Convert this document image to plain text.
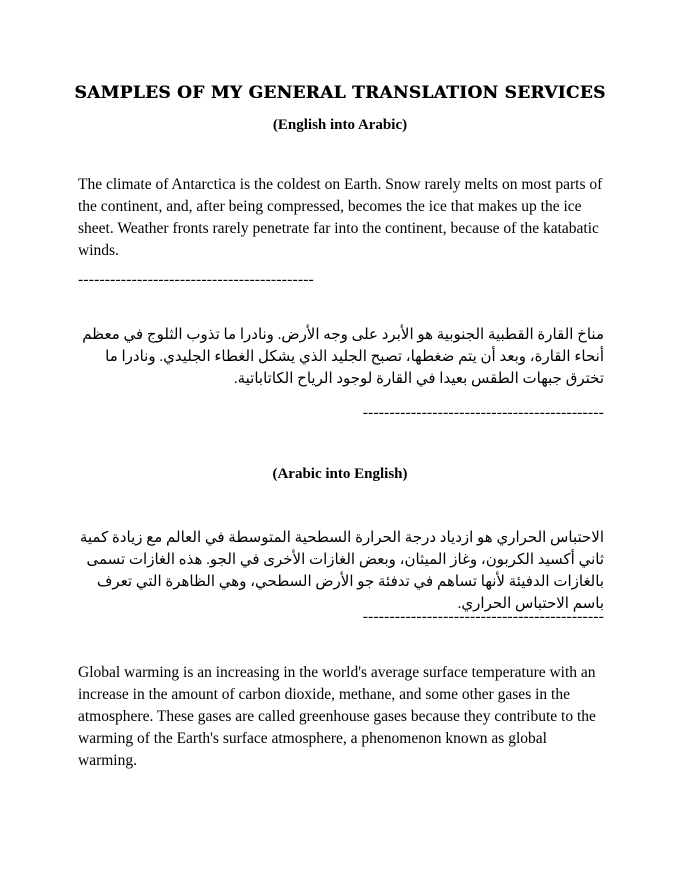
SAMPLES OF MY GENERAL TRANSLATION SERVICES
(English into Arabic)
The climate of Antarctica is the coldest on Earth. Snow rarely melts on most parts of the continent, and, after being compressed, becomes the ice that makes up the ice sheet. Weather fronts rarely penetrate far into the continent, because of the katabatic winds.
--------------------------------------------
مناخ القارة القطبية الجنوبية هو الأبرد على وجه الأرض. ونادرا ما تذوب الثلوج في معظم أنحاء القارة، وبعد أن يتم ضغطها، تصبح الجليد الذي يشكل الغطاء الجليدي. ونادرا ما تخترق جبهات الطقس بعيدا في القارة لوجود الرياح الكاتاباتية.
---------------------------------------------
(Arabic into English)
الاحتباس الحراري هو ازدياد درجة الحرارة السطحية المتوسطة في العالم مع زيادة كمية ثاني أكسيد الكربون، وغاز الميثان، وبعض الغازات الأخرى في الجو. هذه الغازات تسمى بالغازات الدفيئة لأنها تساهم في تدفئة جو الأرض السطحي، وهي الظاهرة التي تعرف باسم الاحتباس الحراري.
---------------------------------------------
Global warming is an increasing in the world's average surface temperature with an increase in the amount of carbon dioxide, methane, and some other gases in the atmosphere. These gases are called greenhouse gases because they contribute to the warming of the Earth's surface atmosphere, a phenomenon known as global warming.
